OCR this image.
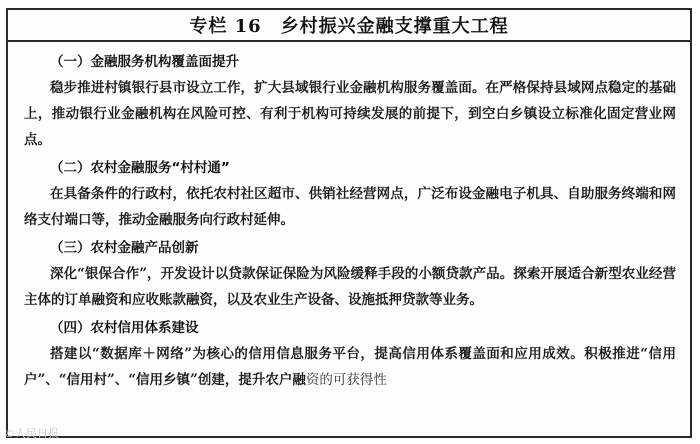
专栏 16　乡村振兴金融支撑重大工程
（一）金融服务机构覆盖面提升

稳步推进村镇银行县市设立工作，扩大县域银行业金融机构服务覆盖面。在严格保持县域网点稳定的基础上，推动银行业金融机构在风险可控、有利于机构可持续发展的前提下，到空白乡镇设立标准化固定营业网点。

（二）农村金融服务“村村通”

在具备条件的行政村，依托农村社区超市、供销社经营网点，广泛布设金融电子机具、自助服务终端和网络支付端口等，推动金融服务向行政村延伸。

（三）农村金融产品创新

深化“银保合作”，开发设计以贷款保证保险为风险缓释手段的小额贷款产品。探索开展适合新型农业经营主体的订单融资和应收账款融资，以及农业生产设备、设施抵押贷款等业务。

（四）农村信用体系建设

搭建以“数据库＋网络”为核心的信用信息服务平台，提高信用体系覆盖面和应用成效。积极推进“信用户”、“信用村”、“信用乡镇”创建，提升农户融资的可获得性

©人民日报
